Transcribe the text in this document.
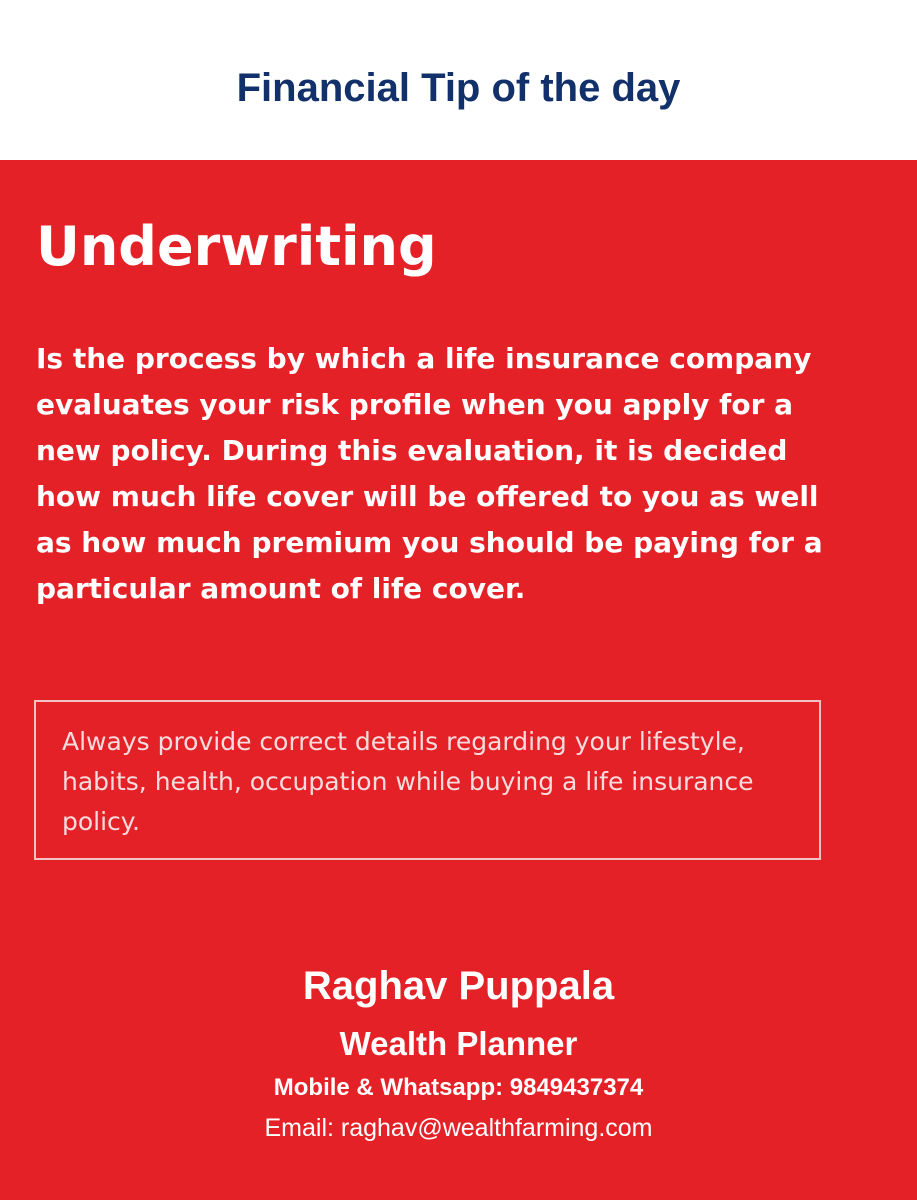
Financial Tip of the day
Underwriting

Is the process by which a life insurance company evaluates your risk profile when you apply for a new policy. During this evaluation, it is decided how much life cover will be offered to you as well as how much premium you should be paying for a particular amount of life cover.

Always provide correct details regarding your lifestyle, habits, health, occupation while buying a life insurance policy.

Raghav Puppala
Wealth Planner
Mobile & Whatsapp: 9849437374
Email: raghav@wealthfarming.com
